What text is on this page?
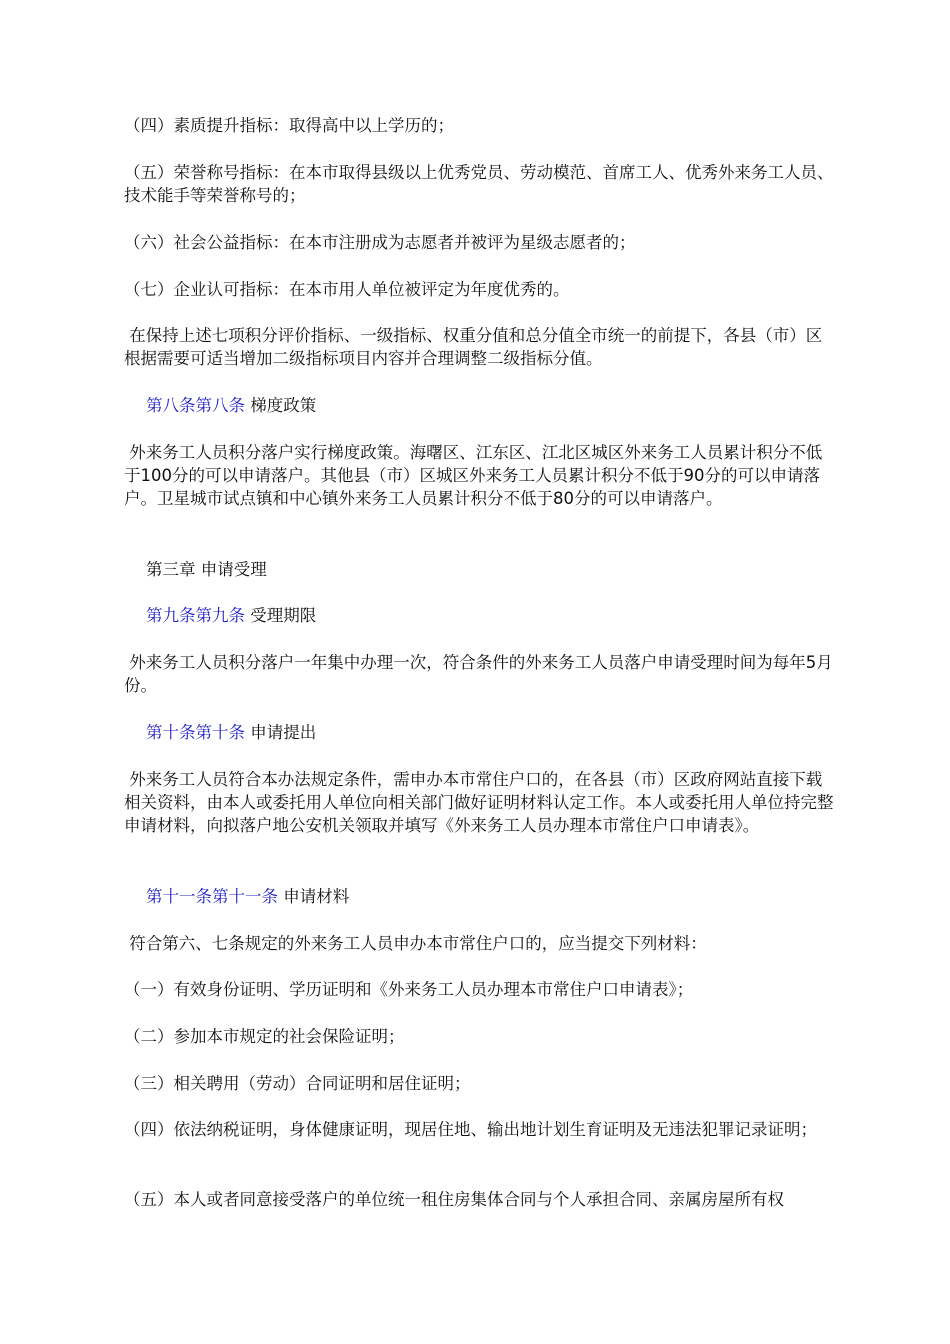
（四）素质提升指标：取得高中以上学历的；
（五）荣誉称号指标：在本市取得县级以上优秀党员、劳动模范、首席工人、优秀外来务工人员、技术能手等荣誉称号的；
（六）社会公益指标：在本市注册成为志愿者并被评为星级志愿者的；
（七）企业认可指标：在本市用人单位被评定为年度优秀的。
在保持上述七项积分评价指标、一级指标、权重分值和总分值全市统一的前提下，各县（市）区根据需要可适当增加二级指标项目内容并合理调整二级指标分值。
第八条第八条 梯度政策
外来务工人员积分落户实行梯度政策。海曙区、江东区、江北区城区外来务工人员累计积分不低于100分的可以申请落户。其他县（市）区城区外来务工人员累计积分不低于90分的可以申请落户。卫星城市试点镇和中心镇外来务工人员累计积分不低于80分的可以申请落户。
第三章 申请受理
第九条第九条 受理期限
外来务工人员积分落户一年集中办理一次，符合条件的外来务工人员落户申请受理时间为每年5月份。
第十条第十条 申请提出
外来务工人员符合本办法规定条件，需申办本市常住户口的，在各县（市）区政府网站直接下载相关资料，由本人或委托用人单位向相关部门做好证明材料认定工作。本人或委托用人单位持完整申请材料，向拟落户地公安机关领取并填写《外来务工人员办理本市常住户口申请表》。
第十一条第十一条 申请材料
符合第六、七条规定的外来务工人员申办本市常住户口的，应当提交下列材料：
（一）有效身份证明、学历证明和《外来务工人员办理本市常住户口申请表》；
（二）参加本市规定的社会保险证明；
（三）相关聘用（劳动）合同证明和居住证明；
（四）依法纳税证明，身体健康证明，现居住地、输出地计划生育证明及无违法犯罪记录证明；
（五）本人或者同意接受落户的单位统一租住房集体合同与个人承担合同、亲属房屋所有权
